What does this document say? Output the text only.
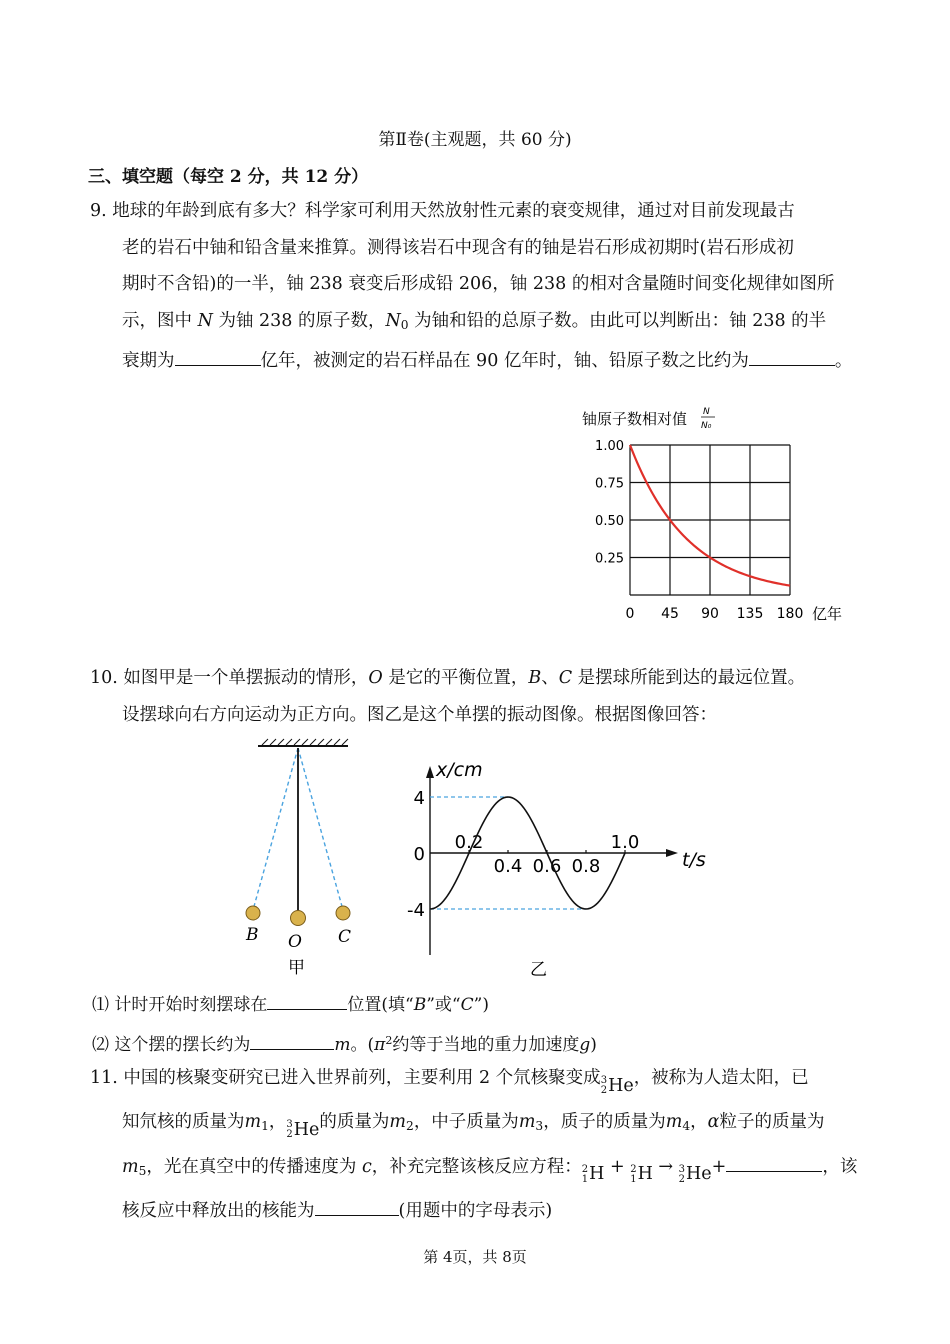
第Ⅱ卷(主观题，共 60 分)
三、填空题（每空 2 分，共 12 分）
9. 地球的年龄到底有多大？科学家可利用天然放射性元素的衰变规律，通过对目前发现最古
老的岩石中铀和铅含量来推算。测得该岩石中现含有的铀是岩石形成初期时(岩石形成初
期时不含铅)的一半，铀 238 衰变后形成铅 206，铀 238 的相对含量随时间变化规律如图所
示，图中 N 为铀 238 的原子数，$N_0$ 为铀和铅的总原子数。由此可以判断出：铀 238 的半
衰期为	亿年，被测定的岩石样品在 90 亿年时，铀、铅原子数之比约为	。
铀原子数相对值 N
N₀
0 45 90 135 180
1.00
0.75
0.50
0.25
亿年
10. 如图甲是一个单摆振动的情形，O 是它的平衡位置，B、C 是摆球所能到达的最远位置。
设摆球向右方向运动为正方向。图乙是这个单摆的振动图像。根据图像回答：
B O C
甲
x/cm
t/s
4
0
-4
0.2
0.4 0.6 0.8
1.0
乙
⑴ 计时开始时刻摆球在	位置(填“B”或“C”)
⑵ 这个摆的摆长约为	m。($\pi^2$约等于当地的重力加速度g)
11. 中国的核聚变研究已进入世界前列，主要利用 2 个氘核聚变成 3
2 He ，被称为人造太阳，已
知氘核的质量为$m_1$， 3
2 He 的质量为$m_2$，中子质量为$m_3$，质子的质量为$m_4$，α粒子的质量为
$m_5$，光在真空中的传播速度为 c，补充完整该核反应方程： 2
1 H + 2
1 H → 3
2 He +	，该
核反应中释放出的核能为	(用题中的字母表示)
第 4页，共 8页
